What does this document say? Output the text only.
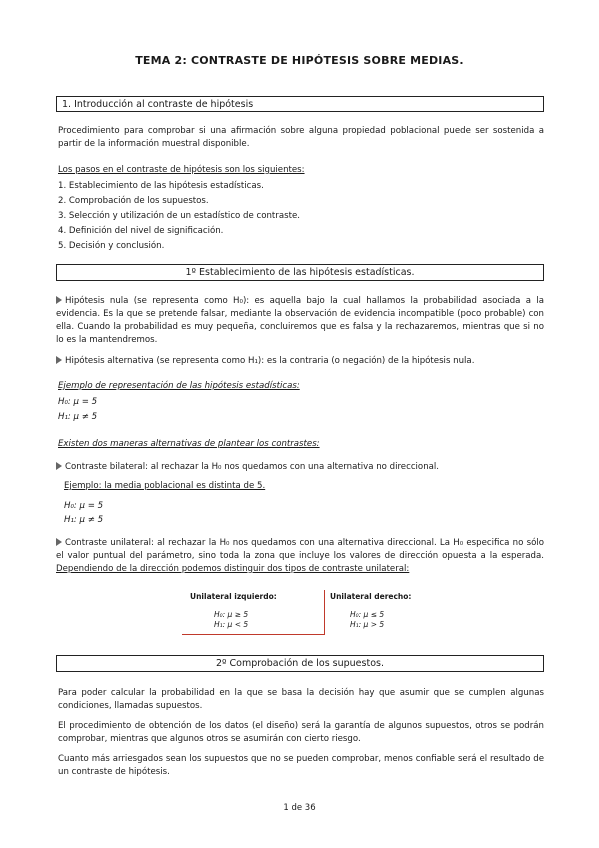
TEMA 2: CONTRASTE DE HIPÓTESIS SOBRE MEDIAS.
1. Introducción al contraste de hipótesis
Procedimiento para comprobar si una afirmación sobre alguna propiedad poblacional puede ser sostenida a partir de la información muestral disponible.
Los pasos en el contraste de hipótesis son los siguientes:
1. Establecimiento de las hipótesis estadísticas.
2. Comprobación de los supuestos.
3. Selección y utilización de un estadístico de contraste.
4. Definición del nivel de significación.
5. Decisión y conclusión.
1º Establecimiento de las hipótesis estadísticas.
Hipótesis nula (se representa como H₀): es aquella bajo la cual hallamos la probabilidad asociada a la evidencia. Es la que se pretende falsar, mediante la observación de evidencia incompatible (poco probable) con ella. Cuando la probabilidad es muy pequeña, concluiremos que es falsa y la rechazaremos, mientras que si no lo es la mantendremos.
Hipótesis alternativa (se representa como H₁): es la contraria (o negación) de la hipótesis nula.
Ejemplo de representación de las hipótesis estadísticas:
H₀: μ = 5
H₁: μ ≠ 5
Existen dos maneras alternativas de plantear los contrastes:
Contraste bilateral: al rechazar la H₀ nos quedamos con una alternativa no direccional.
Ejemplo: la media poblacional es distinta de 5.
H₀: μ = 5
H₁: μ ≠ 5
Contraste unilateral: al rechazar la H₀ nos quedamos con una alternativa direccional. La H₀ especifica no sólo el valor puntual del parámetro, sino toda la zona que incluye los valores de dirección opuesta a la esperada. Dependiendo de la dirección podemos distinguir dos tipos de contraste unilateral:
Unilateral izquierdo:
H₀: μ ≥ 5
H₁: μ < 5
Unilateral derecho:
H₀: μ ≤ 5
H₁: μ > 5
2º Comprobación de los supuestos.
Para poder calcular la probabilidad en la que se basa la decisión hay que asumir que se cumplen algunas condiciones, llamadas supuestos.
El procedimiento de obtención de los datos (el diseño) será la garantía de algunos supuestos, otros se podrán comprobar, mientras que algunos otros se asumirán con cierto riesgo.
Cuanto más arriesgados sean los supuestos que no se pueden comprobar, menos confiable será el resultado de un contraste de hipótesis.
1 de 36
